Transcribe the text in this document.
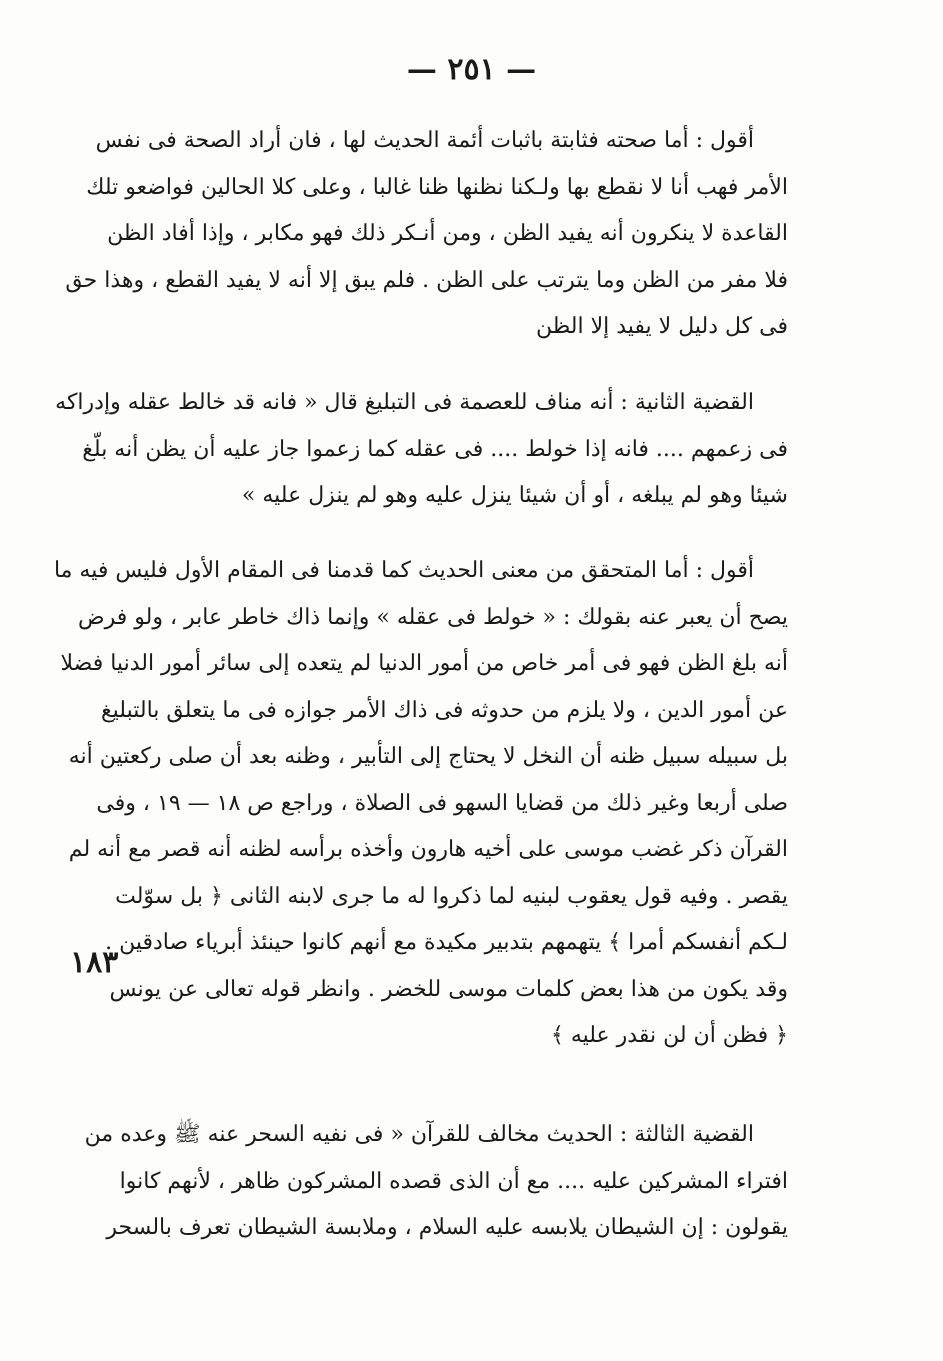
— ٢٥١ —
١٨٣
أقول : أما صحته فثابتة باثبات أئمة الحديث لها ، فان أراد الصحة فى نفس
الأمر فهب أنا لا نقطع بها ولـكنا نظنها ظنا غالبا ، وعلى كلا الحالين فواضعو تلك
القاعدة لا ينكرون أنه يفيد الظن ، ومن أنـكر ذلك فهو مكابر ، وإذا أفاد الظن
فلا مفر من الظن وما يترتب على الظن . فلم يبق إلا أنه لا يفيد القطع ، وهذا حق
فى كل دليل لا يفيد إلا الظن
القضية الثانية : أنه مناف للعصمة فى التبليغ قال « فانه قد خالط عقله وإدراكه
فى زعمهم .... فانه إذا خولط .... فى عقله كما زعموا جاز عليه أن يظن أنه بلّغ
شيئا وهو لم يبلغه ، أو أن شيئا ينزل عليه وهو لم ينزل عليه »
أقول : أما المتحقق من معنى الحديث كما قدمنا فى المقام الأول فليس فيه ما
يصح أن يعبر عنه بقولك : « خولط فى عقله » وإنما ذاك خاطر عابر ، ولو فرض
أنه بلغ الظن فهو فى أمر خاص من أمور الدنيا لم يتعده إلى سائر أمور الدنيا فضلا
عن أمور الدين ، ولا يلزم من حدوثه فى ذاك الأمر جوازه فى ما يتعلق بالتبليغ
بل سبيله سبيل ظنه أن النخل لا يحتاج إلى التأبير ، وظنه بعد أن صلى ركعتين أنه
صلى أربعا وغير ذلك من قضايا السهو فى الصلاة ، وراجع ص ١٨ — ١٩ ، وفى
القرآن ذكر غضب موسى على أخيه هارون وأخذه برأسه لظنه أنه قصر مع أنه لم
يقصر . وفيه قول يعقوب لبنيه لما ذكروا له ما جرى لابنه الثانى ﴿ بل سوّلت
لـكم أنفسكم أمرا ﴾ يتهمهم بتدبير مكيدة مع أنهم كانوا حينئذ أبرياء صادقين .
وقد يكون من هذا بعض كلمات موسى للخضر . وانظر قوله تعالى عن يونس
﴿ فظن أن لن نقدر عليه ﴾
القضية الثالثة : الحديث مخالف للقرآن « فى نفيه السحر عنه ﷺ وعده من
افتراء المشركين عليه .... مع أن الذى قصده المشركون ظاهر ، لأنهم كانوا
يقولون : إن الشيطان يلابسه عليه السلام ، وملابسة الشيطان تعرف بالسحر
